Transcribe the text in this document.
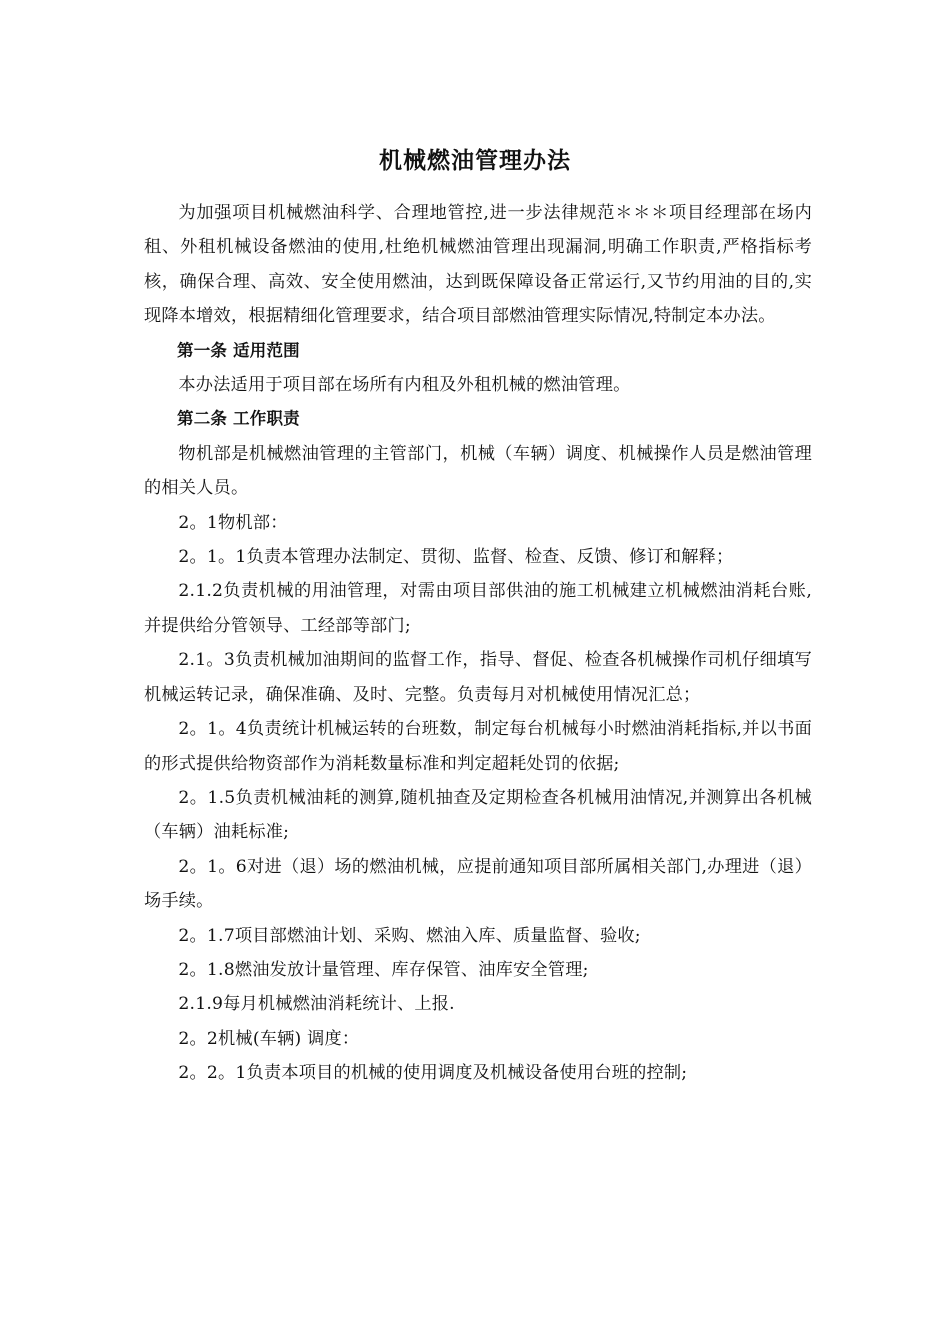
机械燃油管理办法

为加强项目机械燃油科学、合理地管控,进一步法律规范＊＊＊项目经理部在场内租、外租机械设备燃油的使用,杜绝机械燃油管理出现漏洞,明确工作职责,严格指标考核，确保合理、高效、安全使用燃油，达到既保障设备正常运行,又节约用油的目的,实现降本增效，根据精细化管理要求，结合项目部燃油管理实际情况,特制定本办法。

第一条 适用范围

本办法适用于项目部在场所有内租及外租机械的燃油管理。

第二条 工作职责

物机部是机械燃油管理的主管部门，机械（车辆）调度、机械操作人员是燃油管理的相关人员。

2。1物机部：

2。1。1负责本管理办法制定、贯彻、监督、检查、反馈、修订和解释；

2.1.2负责机械的用油管理，对需由项目部供油的施工机械建立机械燃油消耗台账,并提供给分管领导、工经部等部门;

2.1。3负责机械加油期间的监督工作，指导、督促、检查各机械操作司机仔细填写机械运转记录，确保准确、及时、完整。负责每月对机械使用情况汇总；

2。1。4负责统计机械运转的台班数，制定每台机械每小时燃油消耗指标,并以书面的形式提供给物资部作为消耗数量标准和判定超耗处罚的依据;

2。1.5负责机械油耗的测算,随机抽查及定期检查各机械用油情况,并测算出各机械（车辆）油耗标准;

2。1。6对进（退）场的燃油机械，应提前通知项目部所属相关部门,办理进（退）场手续。

2。1.7项目部燃油计划、采购、燃油入库、质量监督、验收;

2。1.8燃油发放计量管理、库存保管、油库安全管理;

2.1.9每月机械燃油消耗统计、上报.

2。2机械(车辆) 调度：

2。2。1负责本项目的机械的使用调度及机械设备使用台班的控制;
